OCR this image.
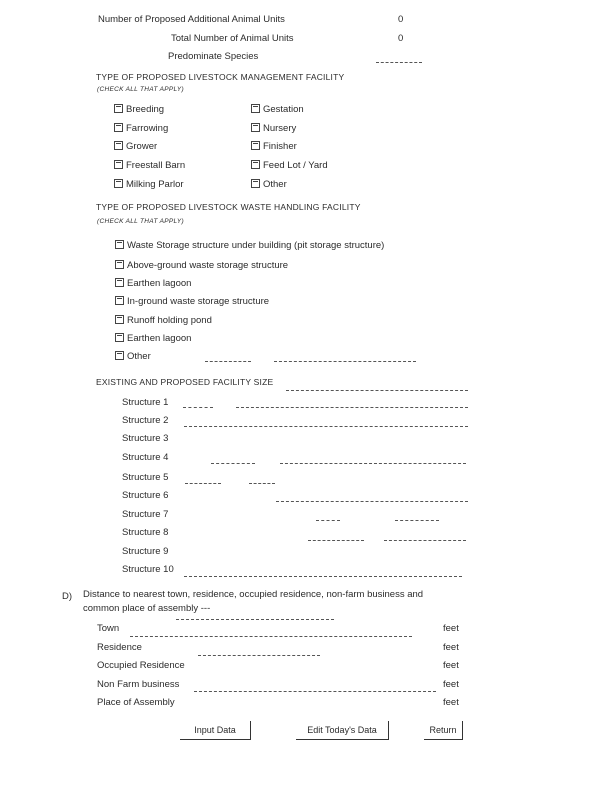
Number of Proposed Additional Animal Units	0
Total Number of Animal Units	0
Predominate Species
TYPE OF PROPOSED LIVESTOCK MANAGEMENT FACILITY
(CHECK ALL THAT APPLY)
Breeding
Farrowing
Grower
Freestall Barn
Milking Parlor
Gestation
Nursery
Finisher
Feed Lot / Yard
Other
TYPE OF PROPOSED LIVESTOCK WASTE HANDLING FACILITY
(CHECK ALL THAT APPLY)
Waste Storage structure under building (pit storage structure)
Above-ground waste storage structure
Earthen lagoon
In-ground waste storage structure
Runoff holding pond
Earthen lagoon
Other
EXISTING AND PROPOSED FACILITY SIZE
Structure 1
Structure 2
Structure 3
Structure 4
Structure 5
Structure 6
Structure 7
Structure 8
Structure 9
Structure 10
D) Distance to nearest town, residence, occupied residence, non-farm business and
common place of assembly ---
Town	feet
Residence	feet
Occupied Residence	feet
Non Farm business	feet
Place of Assembly	feet
Input Data	Edit Today's Data	Return
